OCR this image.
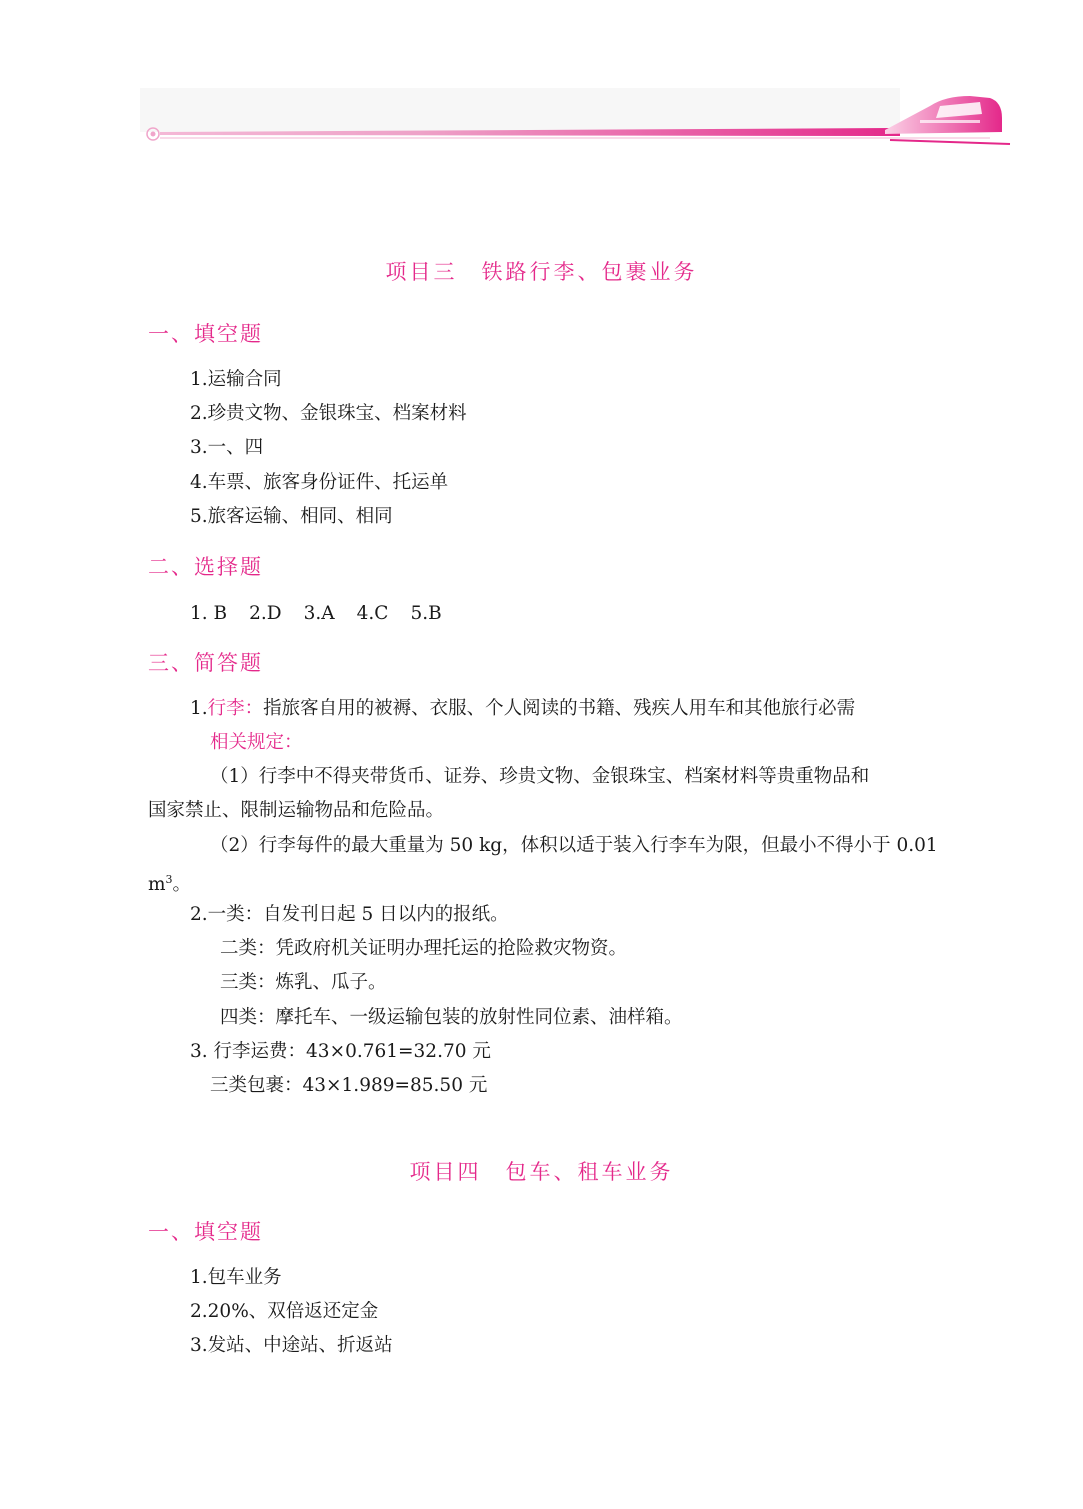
项目三　铁路行李、包裹业务
一、填空题
1.运输合同
2.珍贵文物、金银珠宝、档案材料
3.一、四
4.车票、旅客身份证件、托运单
5.旅客运输、相同、相同
二、选择题
1. B 2.D 3.A 4.C 5.B
三、简答题
1.行李：指旅客自用的被褥、衣服、个人阅读的书籍、残疾人用车和其他旅行必需
相关规定：
（1）行李中不得夹带货币、证券、珍贵文物、金银珠宝、档案材料等贵重物品和
国家禁止、限制运输物品和危险品。
（2）行李每件的最大重量为 50 kg，体积以适于装入行李车为限，但最小不得小于 0.01
$m^3$。
2.一类：自发刊日起 5 日以内的报纸。
二类：凭政府机关证明办理托运的抢险救灾物资。
三类：炼乳、瓜子。
四类：摩托车、一级运输包装的放射性同位素、油样箱。
3. 行李运费：43×0.761=32.70 元
三类包裹：43×1.989=85.50 元
项目四　包车、租车业务
一、填空题
1.包车业务
2.20%、双倍返还定金
3.发站、中途站、折返站
